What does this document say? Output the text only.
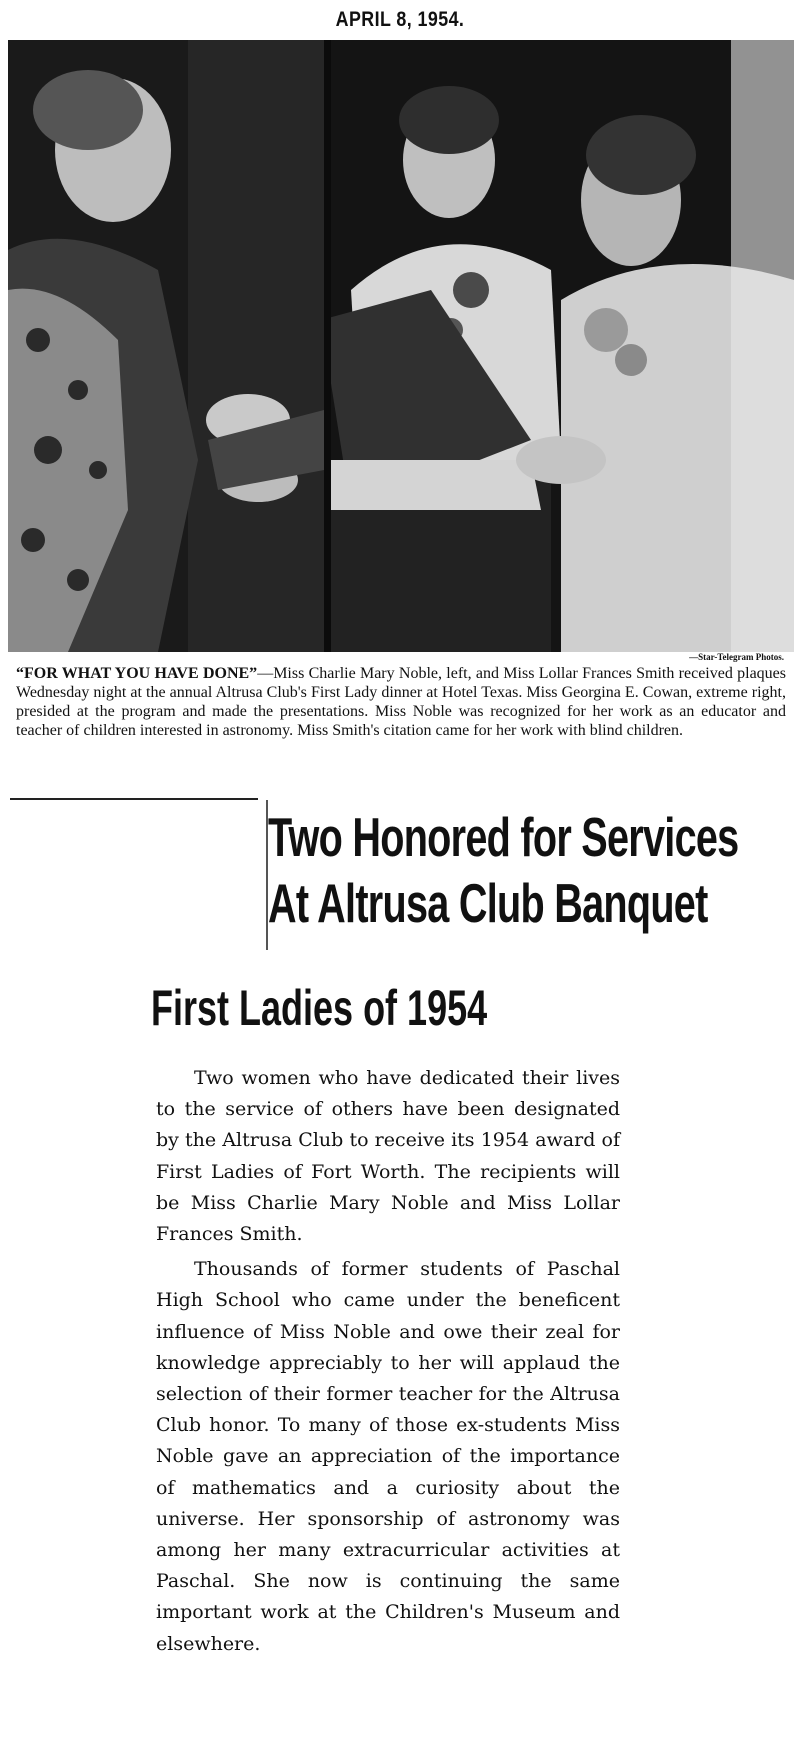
APRIL 8, 1954.
—Star-Telegram Photos.
“FOR WHAT YOU HAVE DONE”—Miss Charlie Mary Noble, left, and Miss Lollar Frances Smith received plaques Wednesday night at the annual Altrusa Club's First Lady dinner at Hotel Texas. Miss Georgina E. Cowan, extreme right, presided at the program and made the presentations. Miss Noble was recognized for her work as an educator and teacher of children interested in astronomy. Miss Smith's citation came for her work with blind children.
Two Honored for Services
At Altrusa Club Banquet
First Ladies of 1954

Two women who have dedicated their lives to the service of others have been designated by the Altrusa Club to receive its 1954 award of First Ladies of Fort Worth. The recipients will be Miss Charlie Mary Noble and Miss Lollar Frances Smith.

Thousands of former students of Paschal High School who came under the beneficent influence of Miss Noble and owe their zeal for knowledge appreciably to her will applaud the selection of their former teacher for the Altrusa Club honor. To many of those ex-students Miss Noble gave an appreciation of the importance of mathematics and a curiosity about the universe. Her sponsorship of astronomy was among her many extracurricular activities at Paschal. She now is continuing the same important work at the Children's Museum and elsewhere.
